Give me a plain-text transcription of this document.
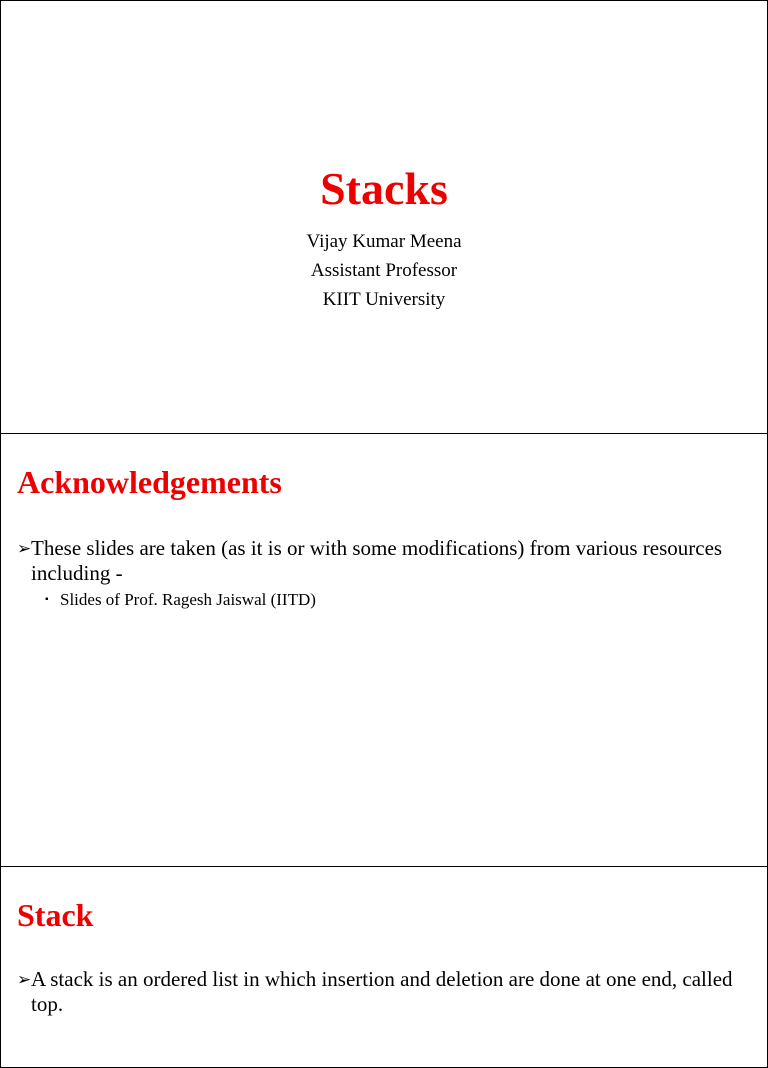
Stacks
Vijay Kumar Meena
Assistant Professor
KIIT University
Acknowledgements
➢ These slides are taken (as it is or with some modifications) from various resources including -
▪ Slides of Prof. Ragesh Jaiswal (IITD)
Stack
➢ A stack is an ordered list in which insertion and deletion are done at one end, called top.
